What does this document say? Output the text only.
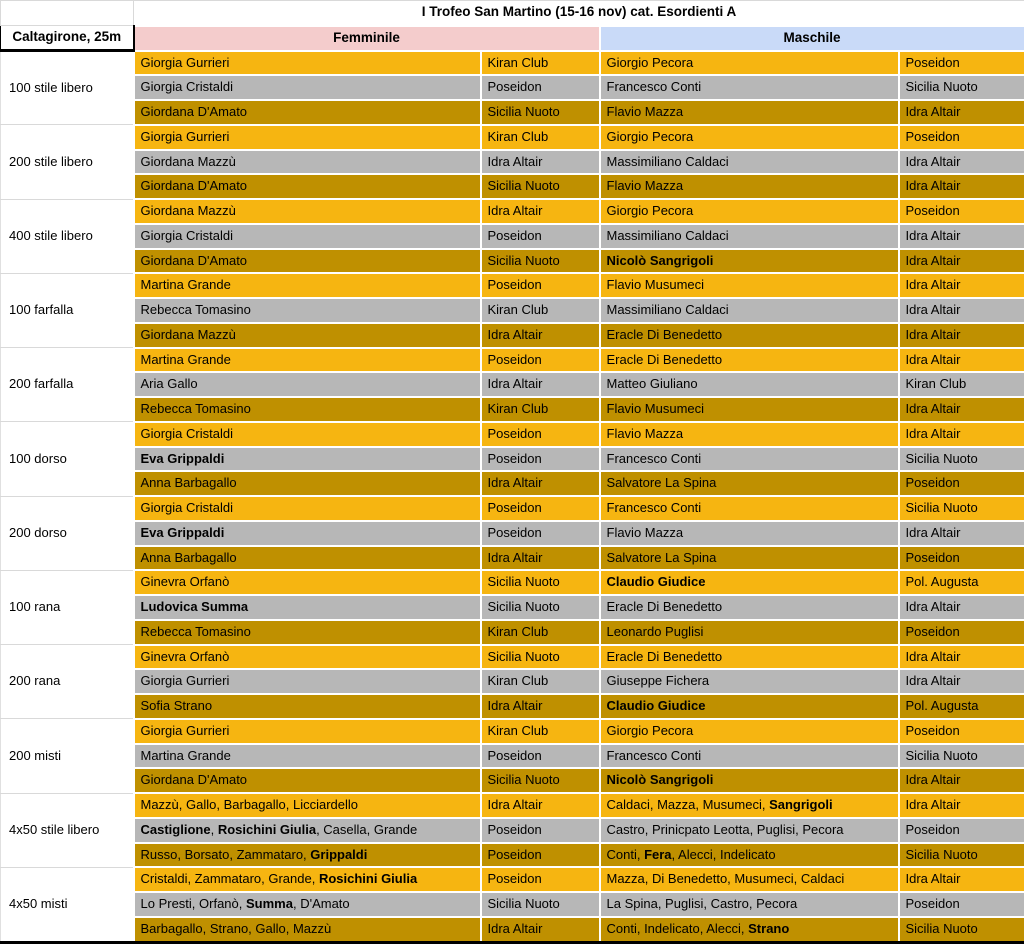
	I Trofeo San Martino (15-16 nov) cat. Esordienti A			
Caltagirone, 25m	Femminile		Maschile	
100 stile libero	Giorgia Gurrieri	Kiran Club	Giorgio Pecora	Poseidon
	Giorgia Cristaldi	Poseidon	Francesco Conti	Sicilia Nuoto
	Giordana D'Amato	Sicilia Nuoto	Flavio Mazza	Idra Altair
200 stile libero	Giorgia Gurrieri	Kiran Club	Giorgio Pecora	Poseidon
	Giordana Mazzù	Idra Altair	Massimiliano Caldaci	Idra Altair
	Giordana D'Amato	Sicilia Nuoto	Flavio Mazza	Idra Altair
400 stile libero	Giordana Mazzù	Idra Altair	Giorgio Pecora	Poseidon
	Giorgia Cristaldi	Poseidon	Massimiliano Caldaci	Idra Altair
	Giordana D'Amato	Sicilia Nuoto	Nicolò Sangrigoli	Idra Altair
100 farfalla	Martina Grande	Poseidon	Flavio Musumeci	Idra Altair
	Rebecca Tomasino	Kiran Club	Massimiliano Caldaci	Idra Altair
	Giordana Mazzù	Idra Altair	Eracle Di Benedetto	Idra Altair
200 farfalla	Martina Grande	Poseidon	Eracle Di Benedetto	Idra Altair
	Aria Gallo	Idra Altair	Matteo Giuliano	Kiran Club
	Rebecca Tomasino	Kiran Club	Flavio Musumeci	Idra Altair
100 dorso	Giorgia Cristaldi	Poseidon	Flavio Mazza	Idra Altair
	Eva Grippaldi	Poseidon	Francesco Conti	Sicilia Nuoto
	Anna Barbagallo	Idra Altair	Salvatore La Spina	Poseidon
200 dorso	Giorgia Cristaldi	Poseidon	Francesco Conti	Sicilia Nuoto
	Eva Grippaldi	Poseidon	Flavio Mazza	Idra Altair
	Anna Barbagallo	Idra Altair	Salvatore La Spina	Poseidon
100 rana	Ginevra Orfanò	Sicilia Nuoto	Claudio Giudice	Pol. Augusta
	Ludovica Summa	Sicilia Nuoto	Eracle Di Benedetto	Idra Altair
	Rebecca Tomasino	Kiran Club	Leonardo Puglisi	Poseidon
200 rana	Ginevra Orfanò	Sicilia Nuoto	Eracle Di Benedetto	Idra Altair
	Giorgia Gurrieri	Kiran Club	Giuseppe Fichera	Idra Altair
	Sofia Strano	Idra Altair	Claudio Giudice	Pol. Augusta
200 misti	Giorgia Gurrieri	Kiran Club	Giorgio Pecora	Poseidon
	Martina Grande	Poseidon	Francesco Conti	Sicilia Nuoto
	Giordana D'Amato	Sicilia Nuoto	Nicolò Sangrigoli	Idra Altair
4x50 stile libero	Mazzù, Gallo, Barbagallo, Licciardello	Idra Altair	Caldaci, Mazza, Musumeci, Sangrigoli	Idra Altair
	Castiglione, Rosichini Giulia, Casella, Grande	Poseidon	Castro, Prinicpato Leotta, Puglisi, Pecora	Poseidon
	Russo, Borsato, Zammataro, Grippaldi	Poseidon	Conti, Fera, Alecci, Indelicato	Sicilia Nuoto
4x50 misti	Cristaldi, Zammataro, Grande, Rosichini Giulia	Poseidon	Mazza, Di Benedetto, Musumeci, Caldaci	Idra Altair
	Lo Presti, Orfanò, Summa, D'Amato	Sicilia Nuoto	La Spina, Puglisi, Castro, Pecora	Poseidon
	Barbagallo, Strano, Gallo, Mazzù	Idra Altair	Conti, Indelicato, Alecci, Strano	Sicilia Nuoto
